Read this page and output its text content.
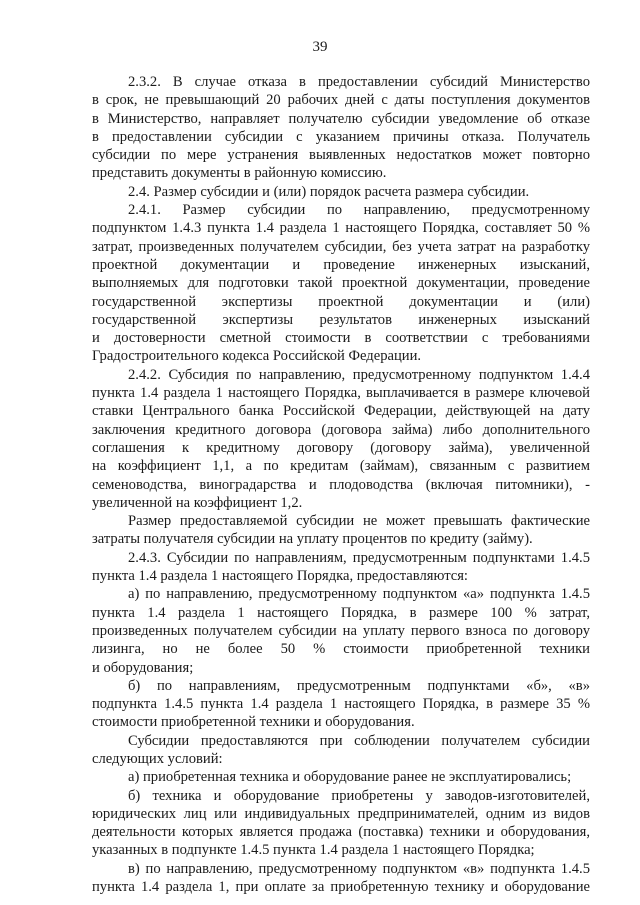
39
2.3.2. В случае отказа в предоставлении субсидий Министерство
в срок, не превышающий 20 рабочих дней с даты поступления документов
в Министерство, направляет получателю субсидии уведомление об отказе
в предоставлении субсидии с указанием причины отказа. Получатель
субсидии по мере устранения выявленных недостатков может повторно
представить документы в районную комиссию.
2.4. Размер субсидии и (или) порядок расчета размера субсидии.
2.4.1. Размер субсидии по направлению, предусмотренному
подпунктом 1.4.3 пункта 1.4 раздела 1 настоящего Порядка, составляет 50 %
затрат, произведенных получателем субсидии, без учета затрат на разработку
проектной документации и проведение инженерных изысканий,
выполняемых для подготовки такой проектной документации, проведение
государственной экспертизы проектной документации и (или)
государственной экспертизы результатов инженерных изысканий
и достоверности сметной стоимости в соответствии с требованиями
Градостроительного кодекса Российской Федерации.
2.4.2. Субсидия по направлению, предусмотренному подпунктом 1.4.4
пункта 1.4 раздела 1 настоящего Порядка, выплачивается в размере ключевой
ставки Центрального банка Российской Федерации, действующей на дату
заключения кредитного договора (договора займа) либо дополнительного
соглашения к кредитному договору (договору займа), увеличенной
на коэффициент 1,1, а по кредитам (займам), связанным с развитием
семеноводства, виноградарства и плодоводства (включая питомники), -
увеличенной на коэффициент 1,2.
Размер предоставляемой субсидии не может превышать фактические
затраты получателя субсидии на уплату процентов по кредиту (займу).
2.4.3. Субсидии по направлениям, предусмотренным подпунктами 1.4.5
пункта 1.4 раздела 1 настоящего Порядка, предоставляются:
а) по направлению, предусмотренному подпунктом «а» подпункта 1.4.5
пункта 1.4 раздела 1 настоящего Порядка, в размере 100 % затрат,
произведенных получателем субсидии на уплату первого взноса по договору
лизинга, но не более 50 % стоимости приобретенной техники
и оборудования;
б) по направлениям, предусмотренным подпунктами «б», «в»
подпункта 1.4.5 пункта 1.4 раздела 1 настоящего Порядка, в размере 35 %
стоимости приобретенной техники и оборудования.
Субсидии предоставляются при соблюдении получателем субсидии
следующих условий:
а) приобретенная техника и оборудование ранее не эксплуатировались;
б) техника и оборудование приобретены у заводов-изготовителей,
юридических лиц или индивидуальных предпринимателей, одним из видов
деятельности которых является продажа (поставка) техники и оборудования,
указанных в подпункте 1.4.5 пункта 1.4 раздела 1 настоящего Порядка;
в) по направлению, предусмотренному подпунктом «в» подпункта 1.4.5
пункта 1.4 раздела 1, при оплате за приобретенную технику и оборудование
